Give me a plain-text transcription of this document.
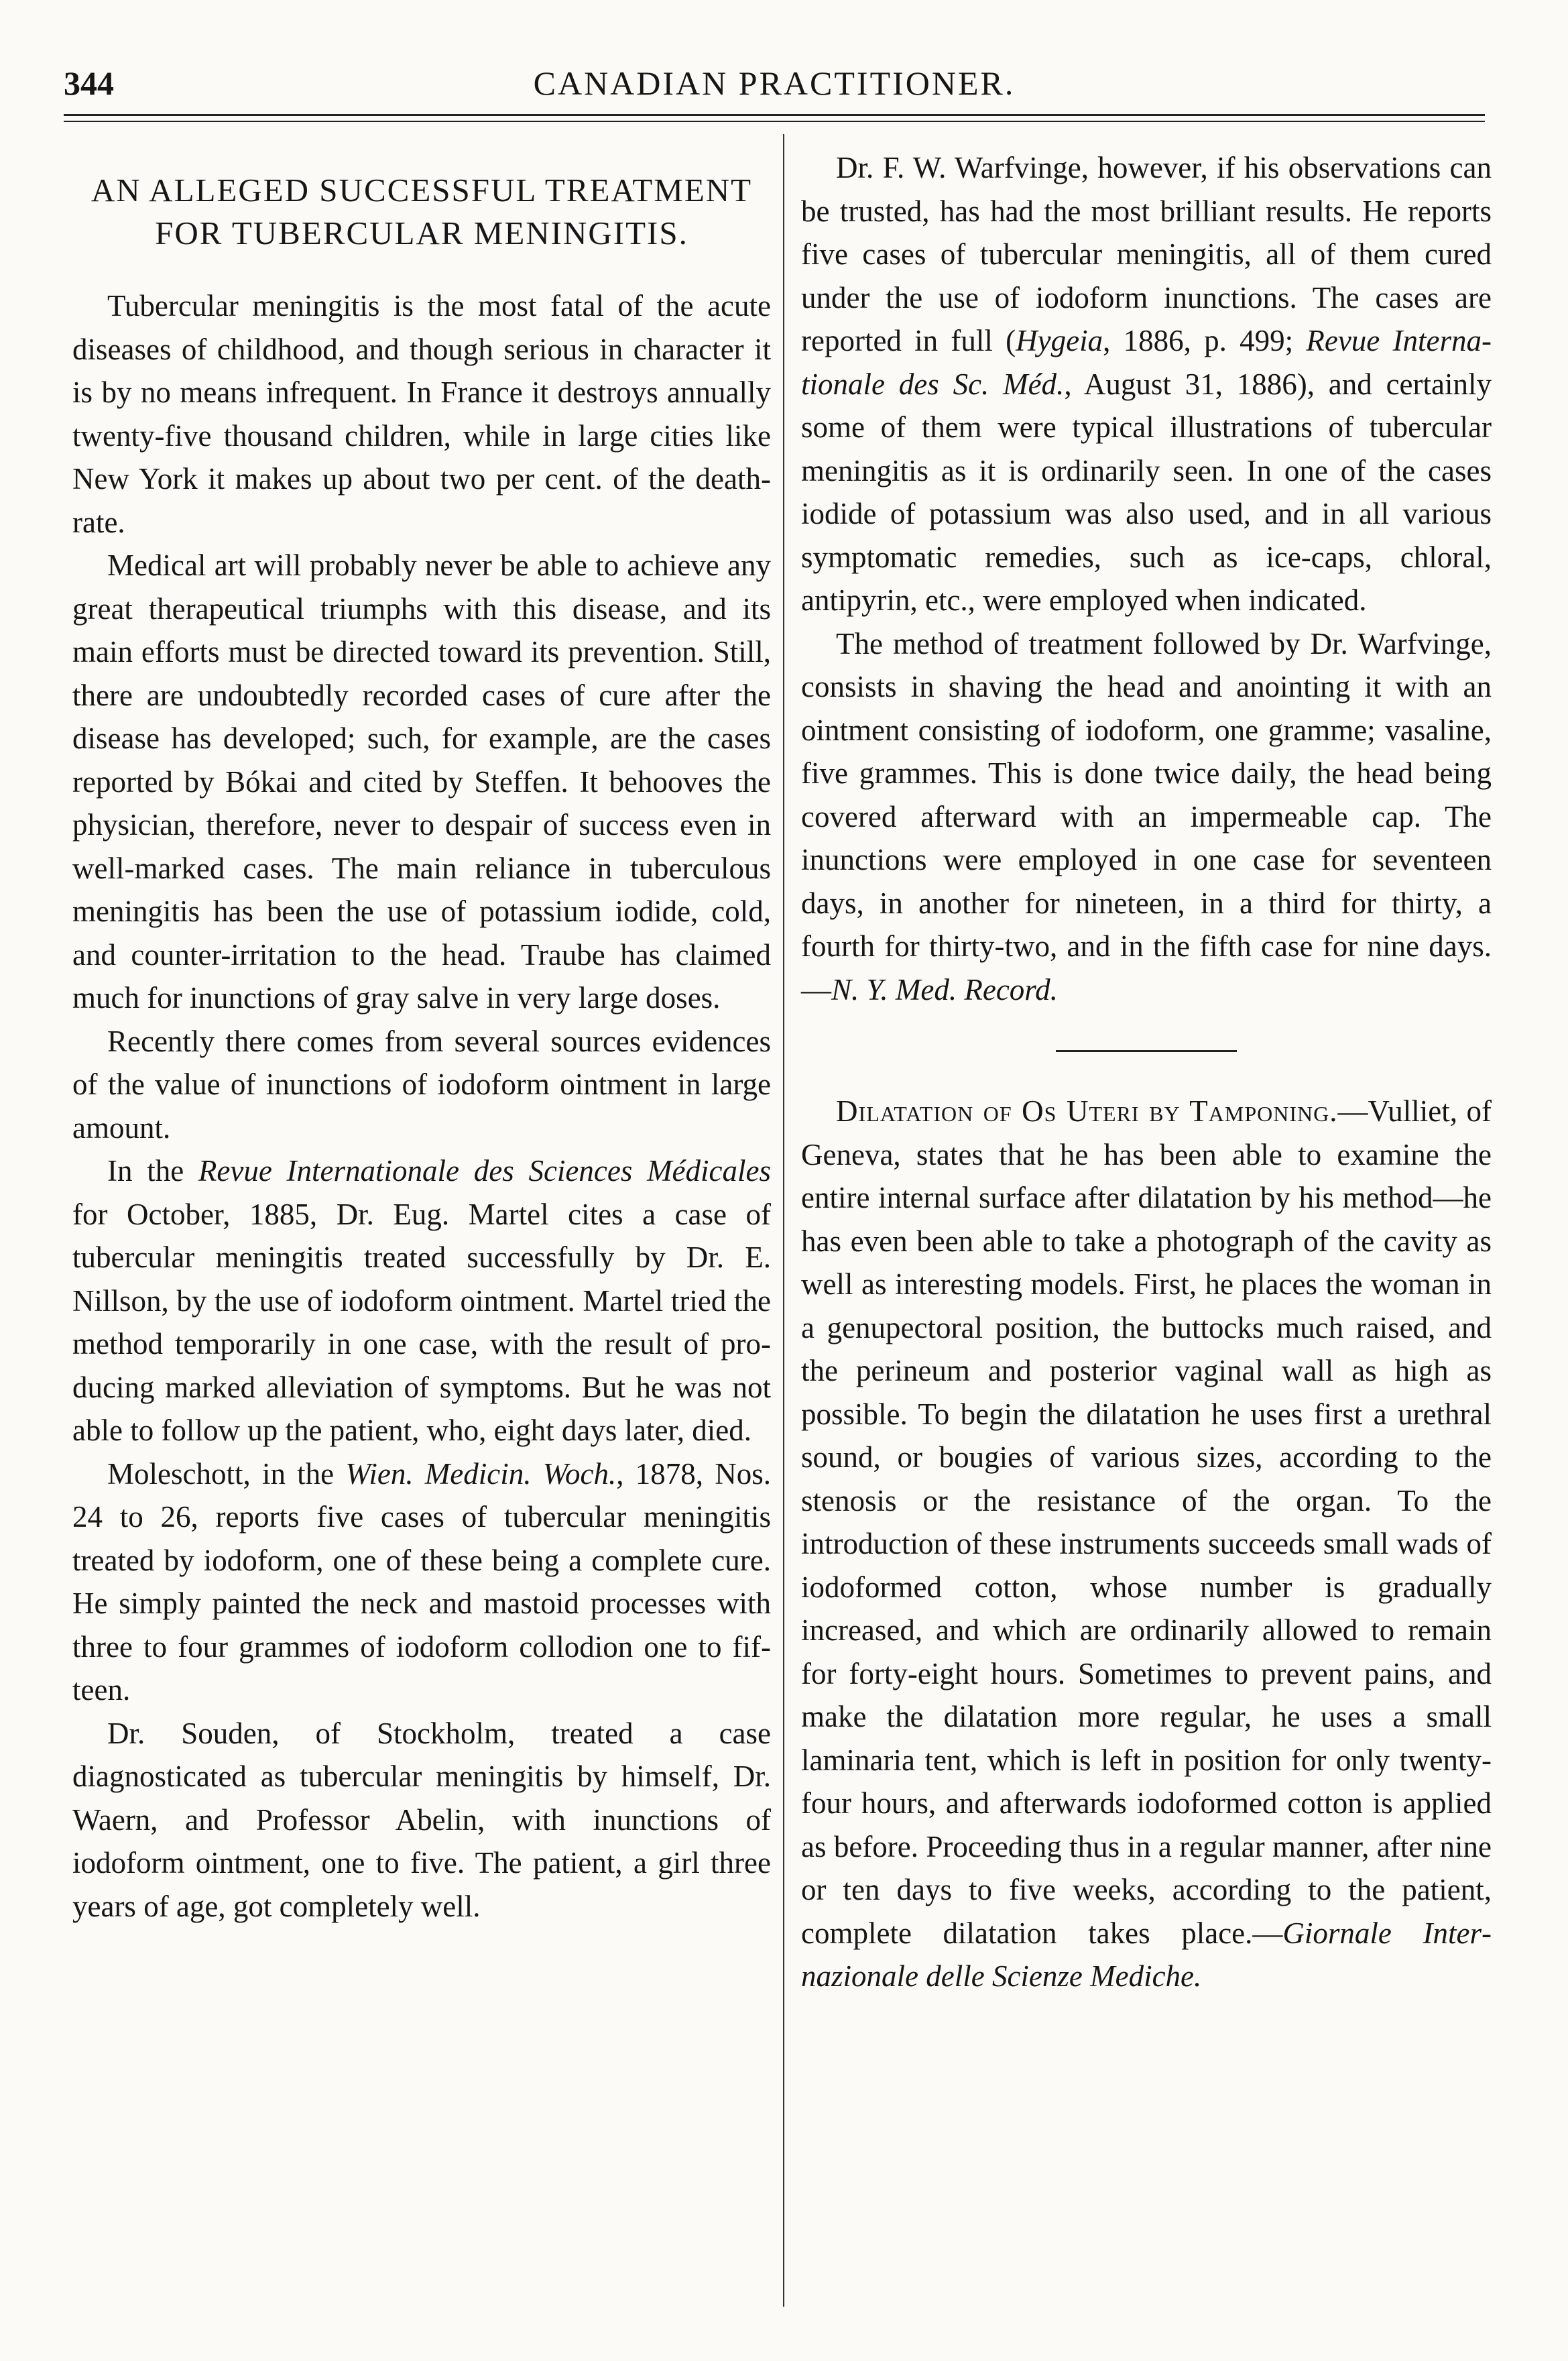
344	CANADIAN PRACTITIONER.
AN ALLEGED SUCCESSFUL TREATMENT FOR TUBERCULAR MENINGITIS.

Tubercular meningitis is the most fatal of the acute diseases of childhood, and though serious in character it is by no means infrequent. In France it destroys annually twenty-five thousand children, while in large cities like New York it makes up about two per cent. of the death-rate.

Medical art will probably never be able to achieve any great therapeutical triumphs with this disease, and its main efforts must be directed toward its prevention. Still, there are undoubtedly recorded cases of cure after the disease has developed; such, for example, are the cases reported by Bókai and cited by Steffen. It behooves the physician, therefore, never to despair of success even in well-marked cases. The main reliance in tuberculous meningitis has been the use of potassium iodide, cold, and counter-irritation to the head. Traube has claimed much for inunctions of gray salve in very large doses.

Recently there comes from several sources evidences of the value of inunctions of iodoform ointment in large amount.

In the Revue Internationale des Sciences Médicales for October, 1885, Dr. Eug. Martel cites a case of tubercular meningitis treated successfully by Dr. E. Nillson, by the use of iodoform ointment. Martel tried the method temporarily in one case, with the result of producing marked alleviation of symptoms. But he was not able to follow up the patient, who, eight days later, died.

Moleschott, in the Wien. Medicin. Woch., 1878, Nos. 24 to 26, reports five cases of tubercular meningitis treated by iodoform, one of these being a complete cure. He simply painted the neck and mastoid processes with three to four grammes of iodoform collodion one to fifteen.

Dr. Souden, of Stockholm, treated a case diagnosticated as tubercular meningitis by himself, Dr. Waern, and Professor Abelin, with inunctions of iodoform ointment, one to five. The patient, a girl three years of age, got completely well.

Dr. F. W. Warfvinge, however, if his observations can be trusted, has had the most brilliant results. He reports five cases of tubercular meningitis, all of them cured under the use of iodoform inunctions. The cases are reported in full (Hygeia, 1886, p. 499; Revue Internationale des Sc. Méd., August 31, 1886), and certainly some of them were typical illustrations of tubercular meningitis as it is ordinarily seen. In one of the cases iodide of potassium was also used, and in all various symptomatic remedies, such as ice-caps, chloral, antipyrin, etc., were employed when indicated.

The method of treatment followed by Dr. Warfvinge, consists in shaving the head and anointing it with an ointment consisting of iodoform, one gramme; vasaline, five grammes. This is done twice daily, the head being covered afterward with an impermeable cap. The inunctions were employed in one case for seventeen days, in another for nineteen, in a third for thirty, a fourth for thirty-two, and in the fifth case for nine days.—N. Y. Med. Record.

Dilatation of Os Uteri by Tamponing.—Vulliet, of Geneva, states that he has been able to examine the entire internal surface after dilatation by his method—he has even been able to take a photograph of the cavity as well as interesting models. First, he places the woman in a genupectoral position, the buttocks much raised, and the perineum and posterior vaginal wall as high as possible. To begin the dilatation he uses first a urethral sound, or bougies of various sizes, according to the stenosis or the resistance of the organ. To the introduction of these instruments succeeds small wads of iodoformed cotton, whose number is gradually increased, and which are ordinarily allowed to remain for forty-eight hours. Sometimes to prevent pains, and make the dilatation more regular, he uses a small laminaria tent, which is left in position for only twenty-four hours, and afterwards iodoformed cotton is applied as before. Proceeding thus in a regular manner, after nine or ten days to five weeks, according to the patient, complete dilatation takes place.—Giornale Internazionale delle Scienze Mediche.
